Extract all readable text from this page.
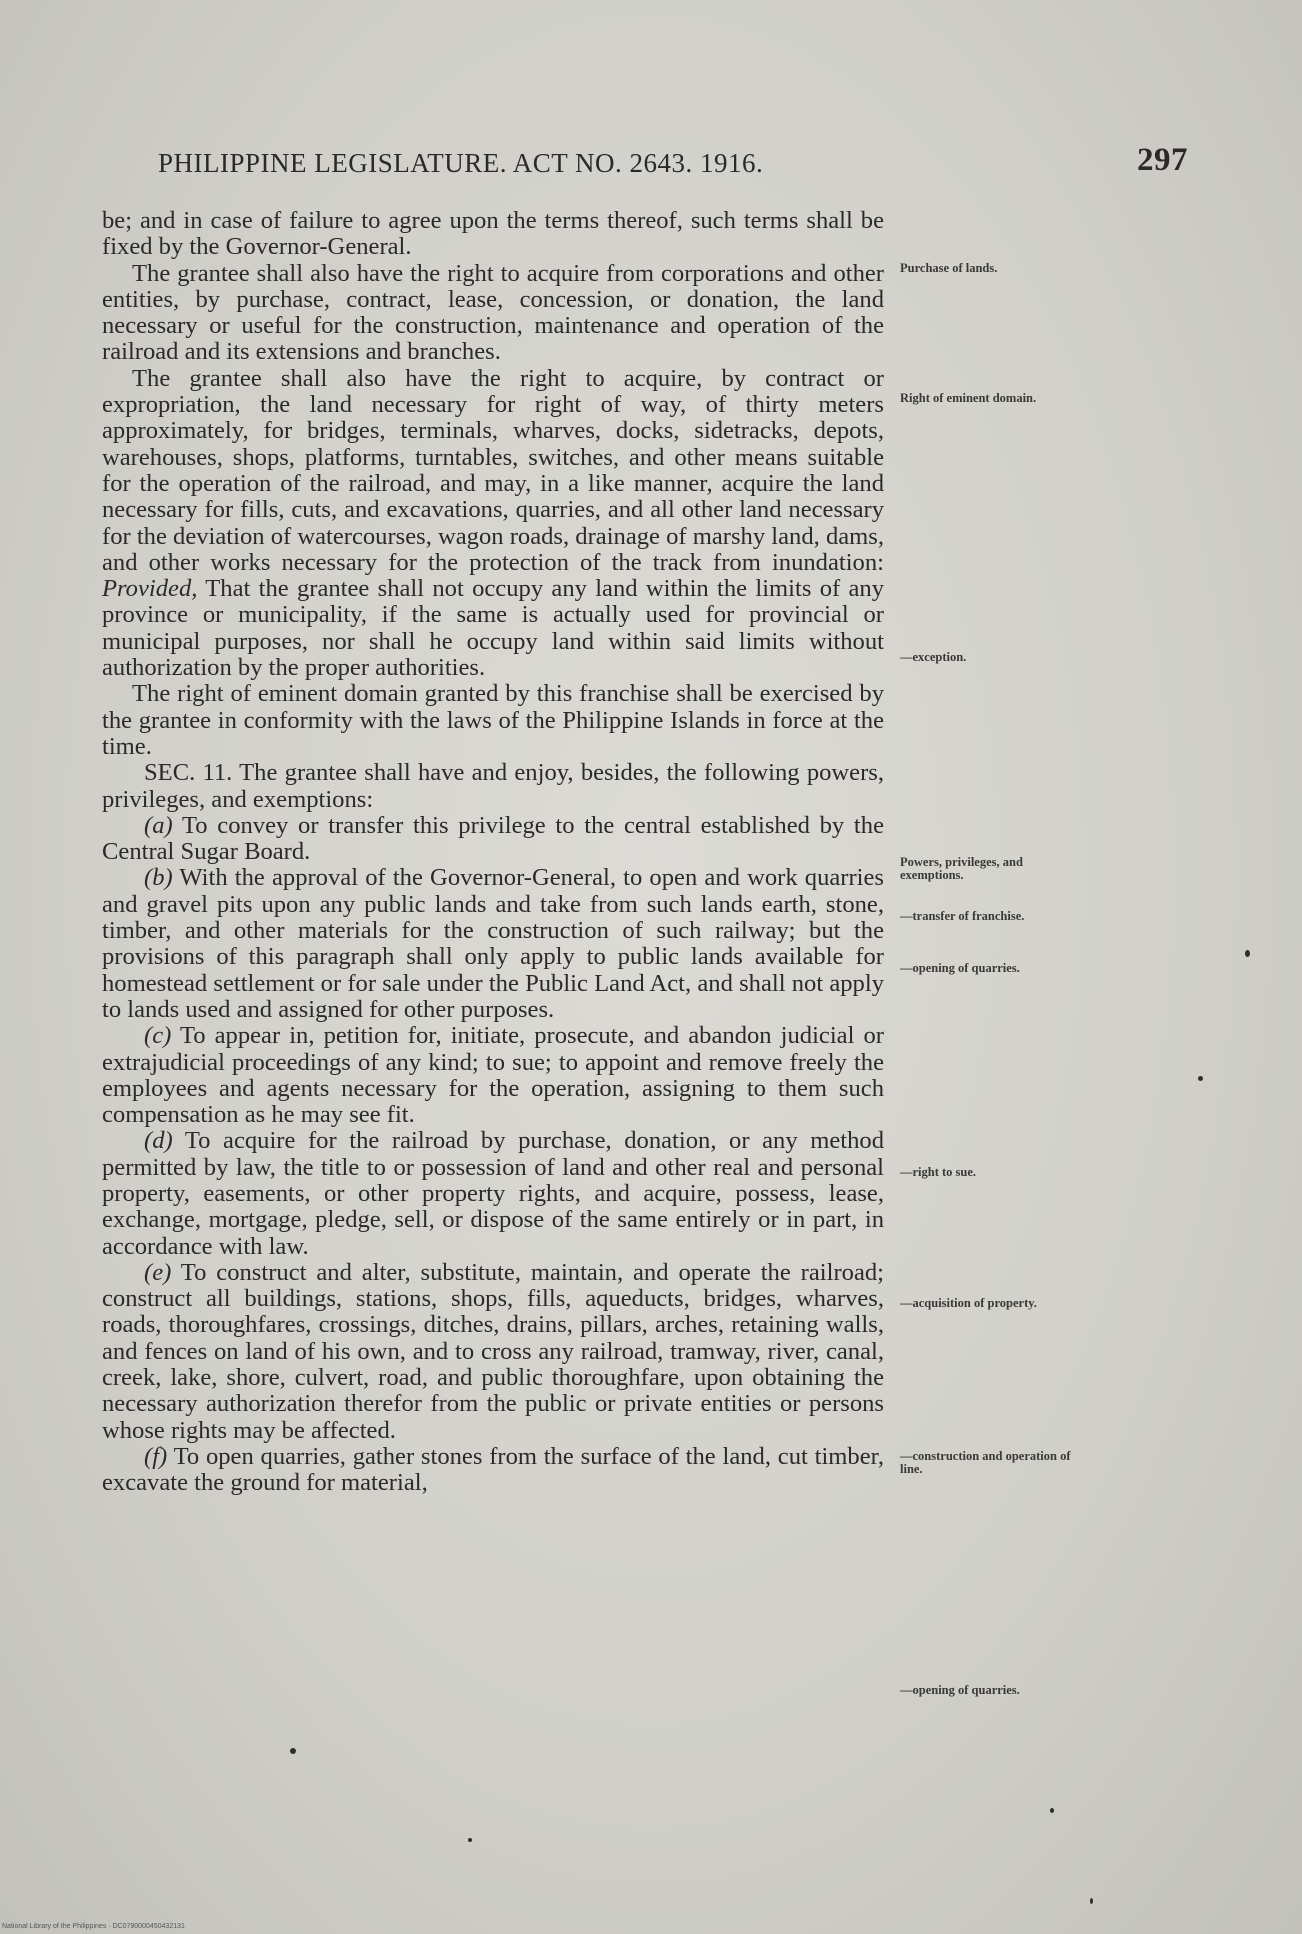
PHILIPPINE LEGISLATURE. ACT NO. 2643. 1916.	297

be; and in case of failure to agree upon the terms thereof, such terms shall be fixed by the Governor-General.

The grantee shall also have the right to acquire from corporations and other entities, by purchase, contract, lease, concession, or donation, the land necessary or useful for the construction, maintenance and operation of the railroad and its extensions and branches.

The grantee shall also have the right to acquire, by contract or expropriation, the land necessary for right of way, of thirty meters approximately, for bridges, terminals, wharves, docks, sidetracks, depots, warehouses, shops, platforms, turntables, switches, and other means suitable for the operation of the railroad, and may, in a like manner, acquire the land necessary for fills, cuts, and excavations, quarries, and all other land necessary for the deviation of watercourses, wagon roads, drainage of marshy land, dams, and other works necessary for the protection of the track from inundation: Provided, That the grantee shall not occupy any land within the limits of any province or municipality, if the same is actually used for provincial or municipal purposes, nor shall he occupy land within said limits without authorization by the proper authorities.

The right of eminent domain granted by this franchise shall be exercised by the grantee in conformity with the laws of the Philippine Islands in force at the time.

SEC. 11. The grantee shall have and enjoy, besides, the following powers, privileges, and exemptions:

(a) To convey or transfer this privilege to the central established by the Central Sugar Board.

(b) With the approval of the Governor-General, to open and work quarries and gravel pits upon any public lands and take from such lands earth, stone, timber, and other materials for the construction of such railway; but the provisions of this paragraph shall only apply to public lands available for homestead settlement or for sale under the Public Land Act, and shall not apply to lands used and assigned for other purposes.

(c) To appear in, petition for, initiate, prosecute, and abandon judicial or extrajudicial proceedings of any kind; to sue; to appoint and remove freely the employees and agents necessary for the operation, assigning to them such compensation as he may see fit.

(d) To acquire for the railroad by purchase, donation, or any method permitted by law, the title to or possession of land and other real and personal property, easements, or other property rights, and acquire, possess, lease, exchange, mortgage, pledge, sell, or dispose of the same entirely or in part, in accordance with law.

(e) To construct and alter, substitute, maintain, and operate the railroad; construct all buildings, stations, shops, fills, aqueducts, bridges, wharves, roads, thoroughfares, crossings, ditches, drains, pillars, arches, retaining walls, and fences on land of his own, and to cross any railroad, tramway, river, canal, creek, lake, shore, culvert, road, and public thoroughfare, upon obtaining the necessary authorization therefor from the public or private entities or persons whose rights may be affected.

(f) To open quarries, gather stones from the surface of the land, cut timber, excavate the ground for material,

Purchase of lands.
Right of eminent domain.
—exception.
Powers, privileges, and exemptions.
—transfer of franchise.
—opening of quarries.
—right to sue.
—acquisition of property.
—construction and operation of line.
—opening of quarries.
National Library of the Philippines · DC0790000450432131
